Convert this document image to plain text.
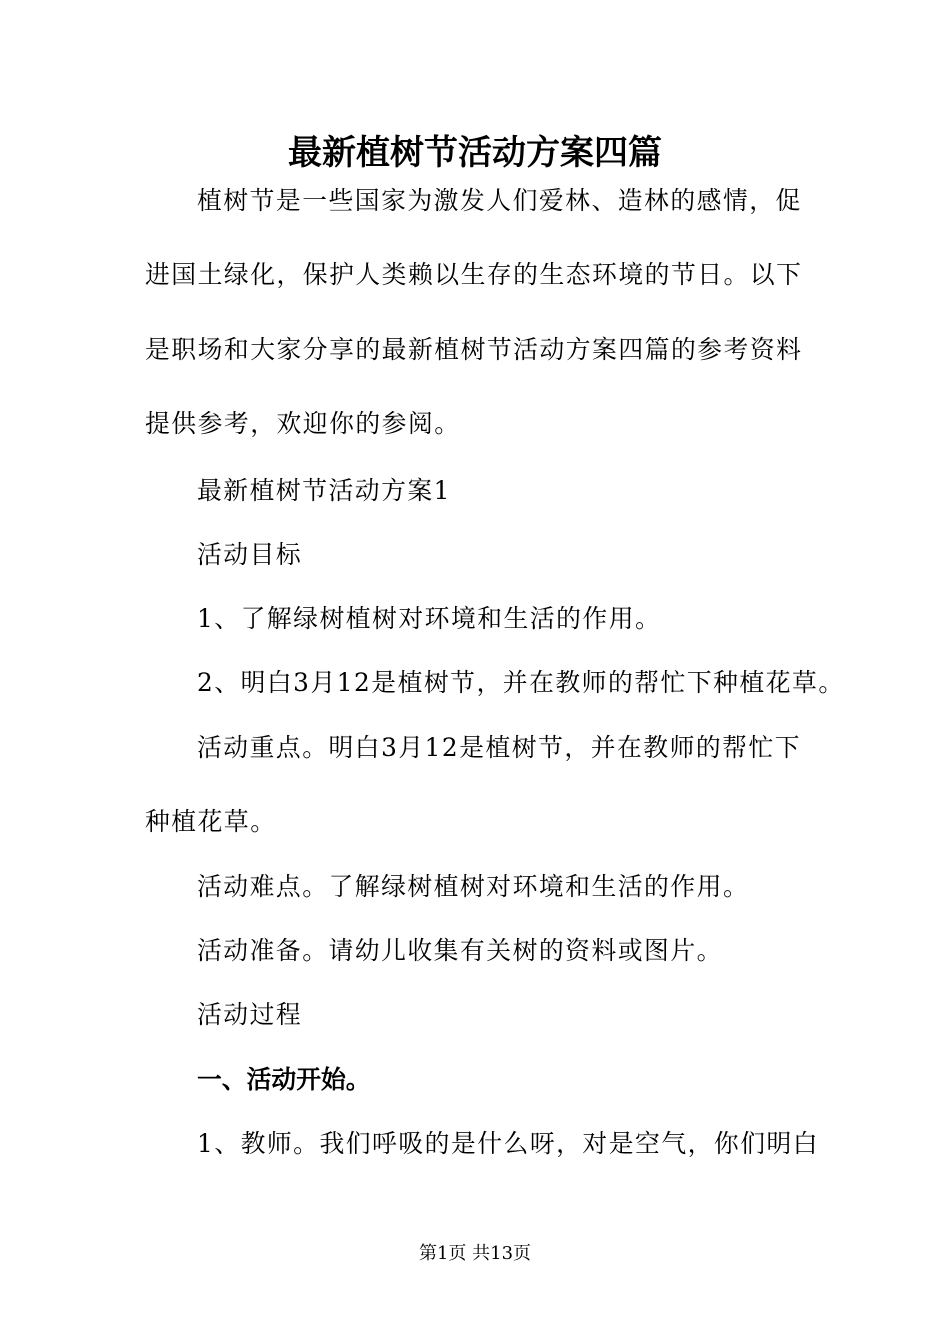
最新植树节活动方案四篇

植树节是一些国家为激发人们爱林、造林的感情，促

进国土绿化，保护人类赖以生存的生态环境的节日。以下

是职场和大家分享的最新植树节活动方案四篇的参考资料

提供参考，欢迎你的参阅。

最新植树节活动方案1

活动目标

1、了解绿树植树对环境和生活的作用。

2、明白3月12是植树节，并在教师的帮忙下种植花草。

活动重点。明白3月12是植树节，并在教师的帮忙下

种植花草。

活动难点。了解绿树植树对环境和生活的作用。

活动准备。请幼儿收集有关树的资料或图片。

活动过程

一、活动开始。

1、教师。我们呼吸的是什么呀，对是空气，你们明白

第1页 共13页
